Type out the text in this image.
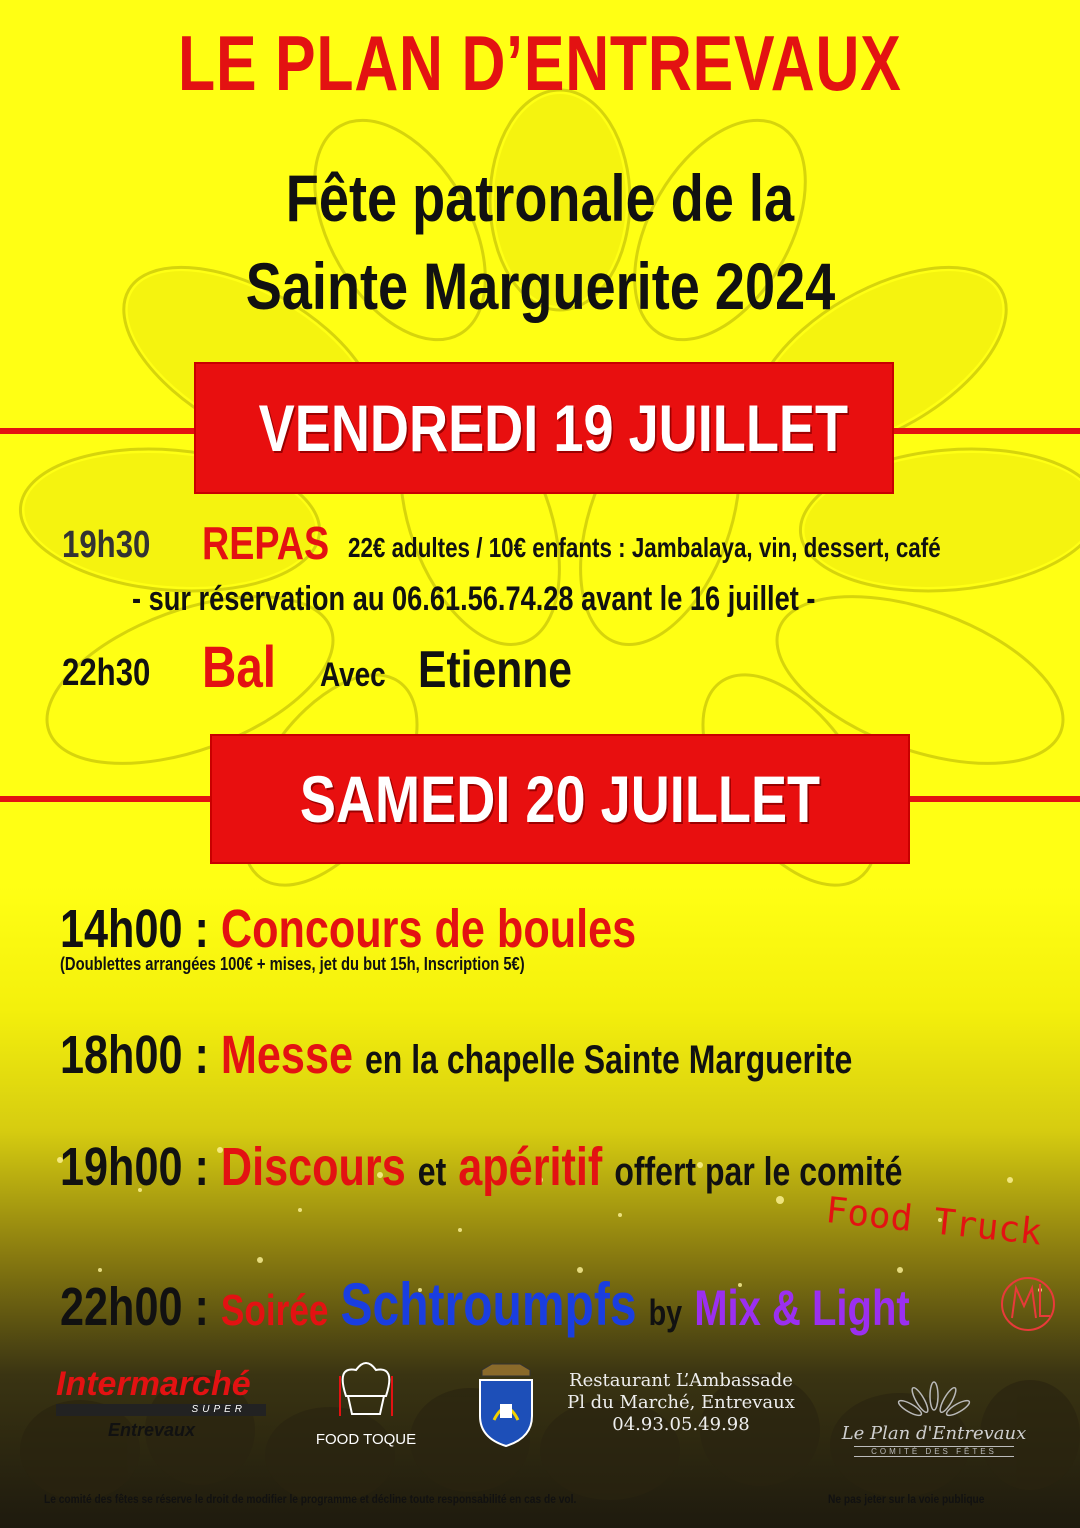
LE PLAN D’ENTREVAUX
Fête patronale de la
Sainte Marguerite 2024
VENDREDI 19 JUILLET
19h30	REPAS 22€ adultes / 10€ enfants : Jambalaya, vin, dessert, café
- sur réservation au 06.61.56.74.28 avant le 16 juillet -
22h30 Bal	Avec Etienne
SAMEDI 20 JUILLET
14h00 : Concours de boules
(Doublettes arrangées 100€ + mises, jet du but 15h, Inscription 5€)
18h00 : Messe en la chapelle Sainte Marguerite
19h00 : Discours et apéritif offert par le comité
Food Truck
22h00 : Soirée Schtroumpfs by Mix & Light
Intermarché
SUPER
Entrevaux	FOOD TOQUE
Restaurant L’Ambassade
Pl du Marché, Entrevaux
04.93.05.49.98	Le Plan d'Entrevaux
COMITÉ DES FÊTES
Le comité des fêtes se réserve le droit de modifier le programme et décline toute responsabilité en cas de vol.	Ne pas jeter sur la voie publique
